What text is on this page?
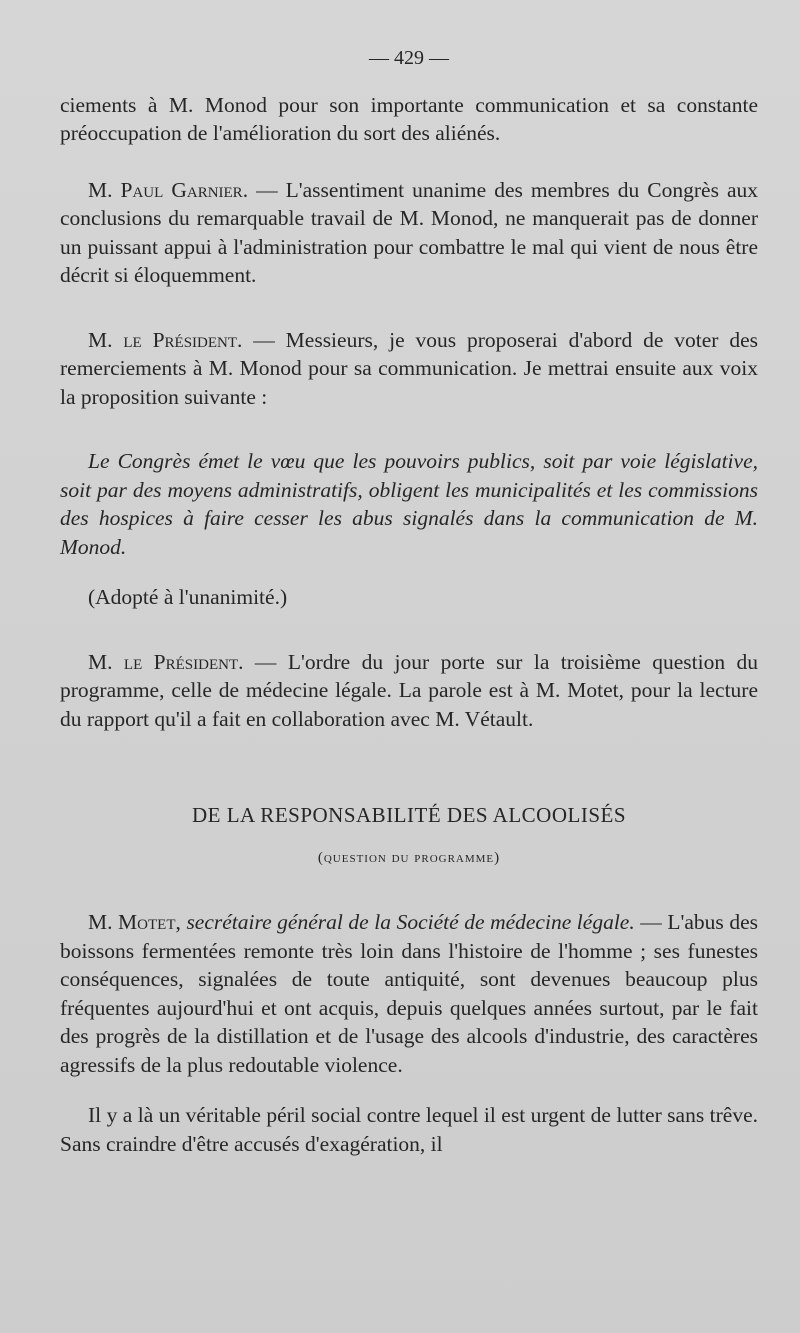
— 429 —

ciements à M. Monod pour son importante communication et sa constante préoccupation de l'amélioration du sort des aliénés.

M. Paul Garnier. — L'assentiment unanime des membres du Congrès aux conclusions du remarquable travail de M. Monod, ne manquerait pas de donner un puissant appui à l'administration pour combattre le mal qui vient de nous être décrit si éloquemment.

M. le Président. — Messieurs, je vous proposerai d'abord de voter des remerciements à M. Monod pour sa communication. Je mettrai ensuite aux voix la proposition suivante :

Le Congrès émet le vœu que les pouvoirs publics, soit par voie législative, soit par des moyens administratifs, obligent les municipalités et les commissions des hospices à faire cesser les abus signalés dans la communication de M. Monod.

(Adopté à l'unanimité.)

M. le Président. — L'ordre du jour porte sur la troisième question du programme, celle de médecine légale. La parole est à M. Motet, pour la lecture du rapport qu'il a fait en collaboration avec M. Vétault.

DE LA RESPONSABILITÉ DES ALCOOLISÉS
(question du programme)

M. Motet, secrétaire général de la Société de médecine légale. — L'abus des boissons fermentées remonte très loin dans l'histoire de l'homme ; ses funestes conséquences, signalées de toute antiquité, sont devenues beaucoup plus fréquentes aujourd'hui et ont acquis, depuis quelques années surtout, par le fait des progrès de la distillation et de l'usage des alcools d'industrie, des caractères agressifs de la plus redoutable violence.

Il y a là un véritable péril social contre lequel il est urgent de lutter sans trêve. Sans craindre d'être accusés d'exagération, il
